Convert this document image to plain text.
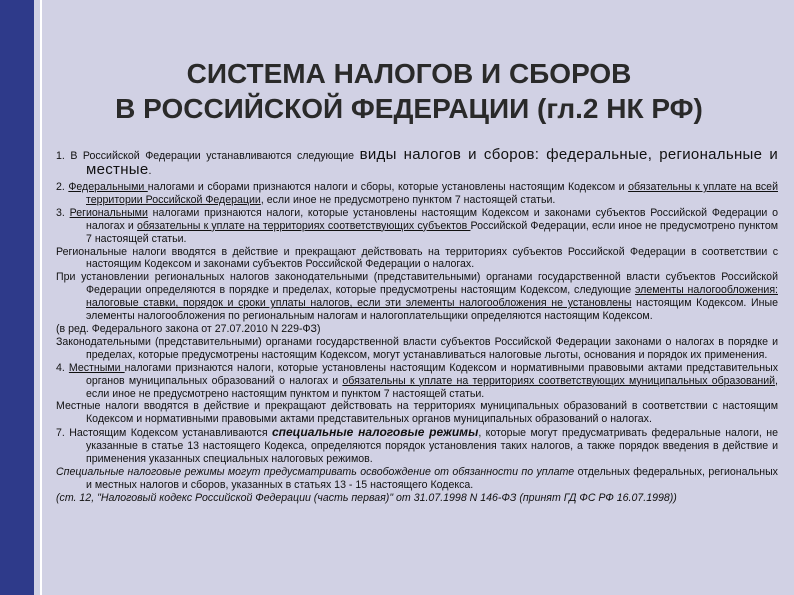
СИСТЕМА НАЛОГОВ И СБОРОВ
В РОССИЙСКОЙ ФЕДЕРАЦИИ (гл.2 НК РФ)

1. В Российской Федерации устанавливаются следующие виды налогов и сборов: федеральные, региональные и местные.

2. Федеральными налогами и сборами признаются налоги и сборы, которые установлены настоящим Кодексом и обязательны к уплате на всей территории Российской Федерации, если иное не предусмотрено пунктом 7 настоящей статьи.

3. Региональными налогами признаются налоги, которые установлены настоящим Кодексом и законами субъектов Российской Федерации о налогах и обязательны к уплате на территориях соответствующих субъектов Российской Федерации, если иное не предусмотрено пунктом 7 настоящей статьи.

Региональные налоги вводятся в действие и прекращают действовать на территориях субъектов Российской Федерации в соответствии с настоящим Кодексом и законами субъектов Российской Федерации о налогах.

При установлении региональных налогов законодательными (представительными) органами государственной власти субъектов Российской Федерации определяются в порядке и пределах, которые предусмотрены настоящим Кодексом, следующие элементы налогообложения: налоговые ставки, порядок и сроки уплаты налогов, если эти элементы налогообложения не установлены настоящим Кодексом. Иные элементы налогообложения по региональным налогам и налогоплательщики определяются настоящим Кодексом.

(в ред. Федерального закона от 27.07.2010 N 229-ФЗ)

Законодательными (представительными) органами государственной власти субъектов Российской Федерации законами о налогах в порядке и пределах, которые предусмотрены настоящим Кодексом, могут устанавливаться налоговые льготы, основания и порядок их применения.

4. Местными налогами признаются налоги, которые установлены настоящим Кодексом и нормативными правовыми актами представительных органов муниципальных образований о налогах и обязательны к уплате на территориях соответствующих муниципальных образований, если иное не предусмотрено настоящим пунктом и пунктом 7 настоящей статьи.

Местные налоги вводятся в действие и прекращают действовать на территориях муниципальных образований в соответствии с настоящим Кодексом и нормативными правовыми актами представительных органов муниципальных образований о налогах.

7. Настоящим Кодексом устанавливаются специальные налоговые режимы, которые могут предусматривать федеральные налоги, не указанные в статье 13 настоящего Кодекса, определяются порядок установления таких налогов, а также порядок введения в действие и применения указанных специальных налоговых режимов.

Специальные налоговые режимы могут предусматривать освобождение от обязанности по уплате отдельных федеральных, региональных и местных налогов и сборов, указанных в статьях 13 - 15 настоящего Кодекса.

(ст. 12, "Налоговый кодекс Российской Федерации (часть первая)" от 31.07.1998 N 146-ФЗ (принят ГД ФС РФ 16.07.1998))
